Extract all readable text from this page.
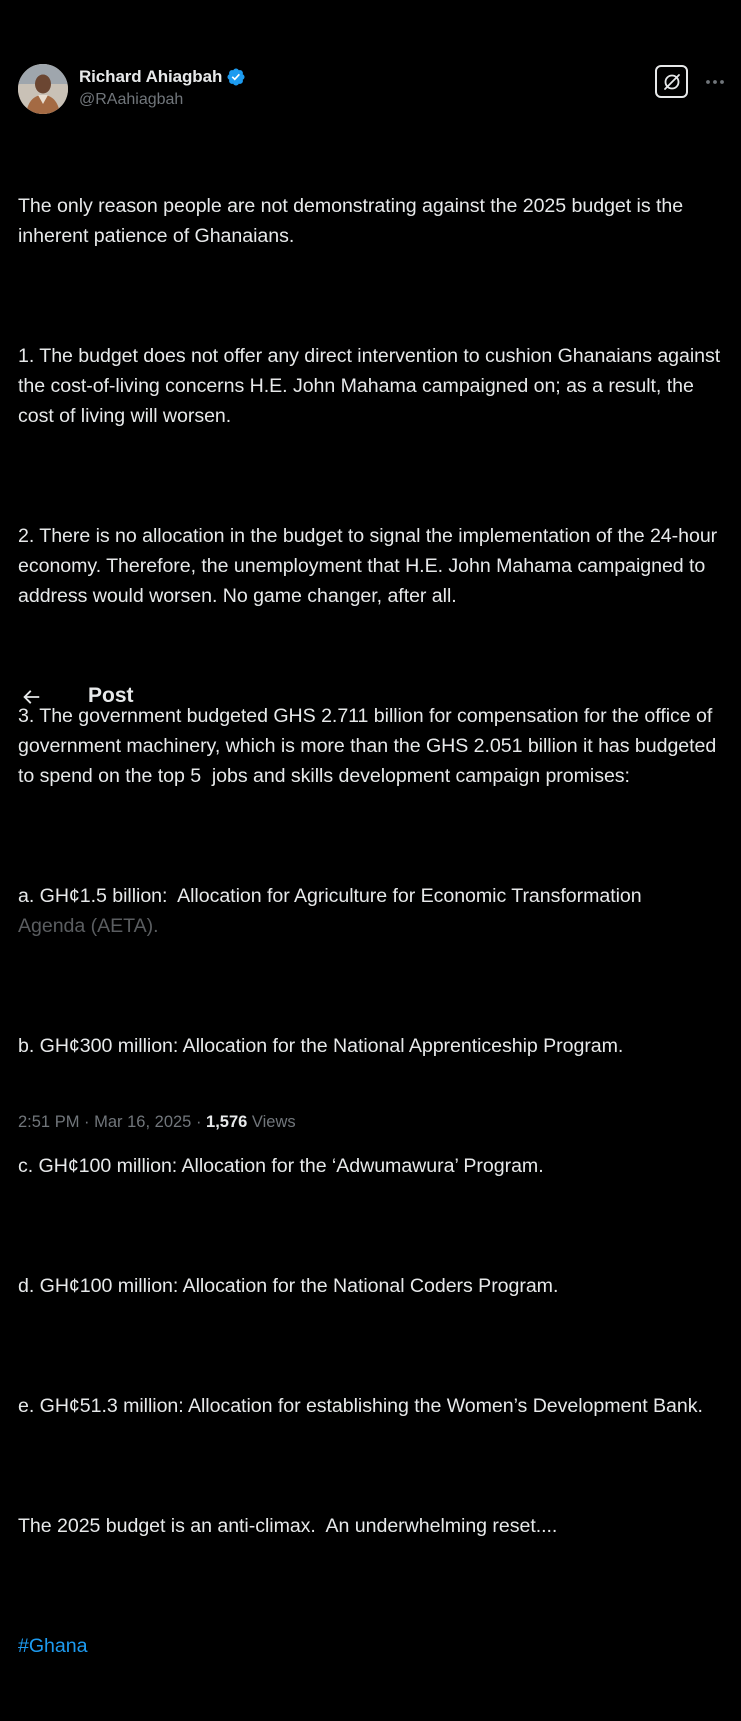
Richard Ahiagbah
@RAahiagbah

The only reason people are not demonstrating against the 2025 budget is the inherent patience of Ghanaians.

1. The budget does not offer any direct intervention to cushion Ghanaians against the cost-of-living concerns H.E. John Mahama campaigned on; as a result, the cost of living will worsen.

2. There is no allocation in the budget to signal the implementation of the 24-hour economy. Therefore, the unemployment that H.E. John Mahama campaigned to address would worsen. No game changer, after all.

3. The government budgeted GHS 2.711 billion for compensation for the office of government machinery, which is more than the GHS 2.051 billion it has budgeted to spend on the top 5  jobs and skills development campaign promises:

a. GH¢1.5 billion:  Allocation for Agriculture for Economic Transformation
Agenda (AETA).

b. GH¢300 million: Allocation for the National Apprenticeship Program.

c. GH¢100 million: Allocation for the ‘Adwumawura’ Program.

d. GH¢100 million: Allocation for the National Coders Program.

e. GH¢51.3 million: Allocation for establishing the Women’s Development Bank.

The 2025 budget is an anti-climax.  An underwhelming reset....

#Ghana

Post
2:51 PM · Mar 16, 2025 · 1,576 Views
